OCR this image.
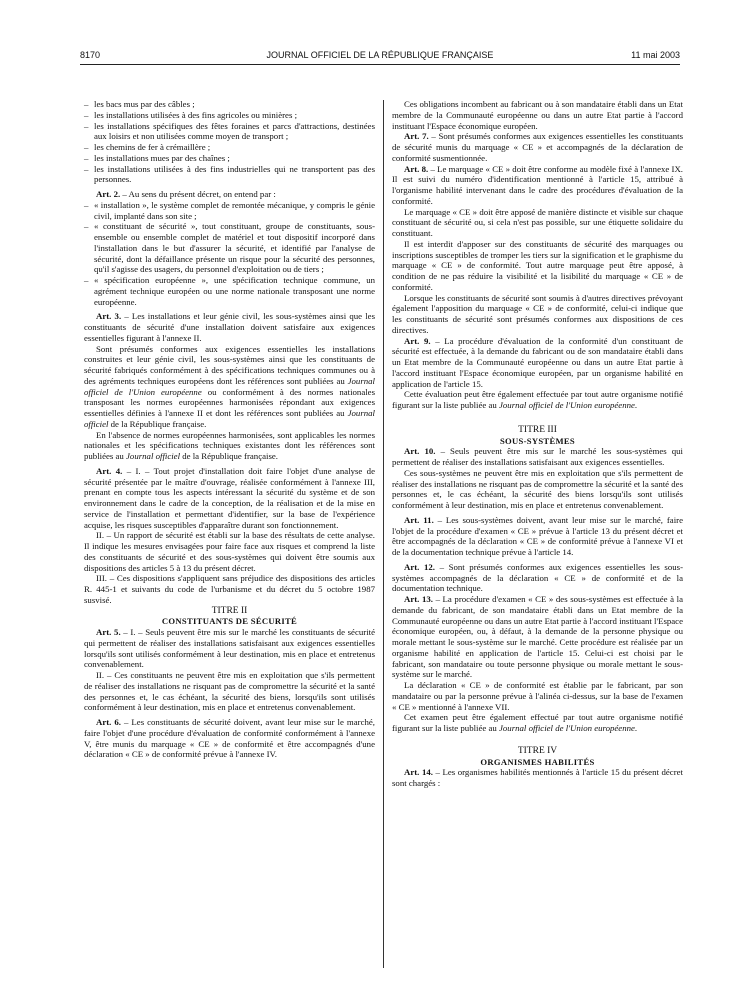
8170	JOURNAL OFFICIEL DE LA RÉPUBLIQUE FRANÇAISE	11 mai 2003

– les bacs mus par des câbles ;

– les installations utilisées à des fins agricoles ou minières ;

– les installations spécifiques des fêtes foraines et parcs d'attractions, destinées aux loisirs et non utilisées comme moyen de transport ;

– les chemins de fer à crémaillère ;

– les installations mues par des chaînes ;

– les installations utilisées à des fins industrielles qui ne transportent pas des personnes.

Art. 2. – Au sens du présent décret, on entend par :

– « installation », le système complet de remontée mécanique, y compris le génie civil, implanté dans son site ;

– « constituant de sécurité », tout constituant, groupe de constituants, sous-ensemble ou ensemble complet de matériel et tout dispositif incorporé dans l'installation dans le but d'assurer la sécurité, et identifié par l'analyse de sécurité, dont la défaillance présente un risque pour la sécurité des personnes, qu'il s'agisse des usagers, du personnel d'exploitation ou de tiers ;

– « spécification européenne », une spécification technique commune, un agrément technique européen ou une norme nationale transposant une norme européenne.

Art. 3. – Les installations et leur génie civil, les sous-systèmes ainsi que les constituants de sécurité d'une installation doivent satisfaire aux exigences essentielles figurant à l'annexe II.

Sont présumés conformes aux exigences essentielles les installations construites et leur génie civil, les sous-systèmes ainsi que les constituants de sécurité fabriqués conformément à des spécifications techniques communes ou à des agréments techniques européens dont les références sont publiées au Journal officiel de l'Union européenne ou conformément à des normes nationales transposant les normes européennes harmonisées répondant aux exigences essentielles définies à l'annexe II et dont les références sont publiées au Journal officiel de la République française.

En l'absence de normes européennes harmonisées, sont applicables les normes nationales et les spécifications techniques existantes dont les références sont publiées au Journal officiel de la République française.

Art. 4. – I. – Tout projet d'installation doit faire l'objet d'une analyse de sécurité présentée par le maître d'ouvrage, réalisée conformément à l'annexe III, prenant en compte tous les aspects intéressant la sécurité du système et de son environnement dans le cadre de la conception, de la réalisation et de la mise en service de l'installation et permettant d'identifier, sur la base de l'expérience acquise, les risques susceptibles d'apparaître durant son fonctionnement.

II. – Un rapport de sécurité est établi sur la base des résultats de cette analyse. Il indique les mesures envisagées pour faire face aux risques et comprend la liste des constituants de sécurité et des sous-systèmes qui doivent être soumis aux dispositions des articles 5 à 13 du présent décret.

III. – Ces dispositions s'appliquent sans préjudice des dispositions des articles R. 445-1 et suivants du code de l'urbanisme et du décret du 5 octobre 1987 susvisé.

TITRE II

CONSTITUANTS DE SÉCURITÉ

Art. 5. – I. – Seuls peuvent être mis sur le marché les constituants de sécurité qui permettent de réaliser des installations satisfaisant aux exigences essentielles lorsqu'ils sont utilisés conformément à leur destination, mis en place et entretenus convenablement.

II. – Ces constituants ne peuvent être mis en exploitation que s'ils permettent de réaliser des installations ne risquant pas de compromettre la sécurité et la santé des personnes et, le cas échéant, la sécurité des biens, lorsqu'ils sont utilisés conformément à leur destination, mis en place et entretenus convenablement.

Art. 6. – Les constituants de sécurité doivent, avant leur mise sur le marché, faire l'objet d'une procédure d'évaluation de conformité conformément à l'annexe V, être munis du marquage « CE » de conformité et être accompagnés d'une déclaration « CE » de conformité prévue à l'annexe IV.

Ces obligations incombent au fabricant ou à son mandataire établi dans un Etat membre de la Communauté européenne ou dans un autre Etat partie à l'accord instituant l'Espace économique européen.

Art. 7. – Sont présumés conformes aux exigences essentielles les constituants de sécurité munis du marquage « CE » et accompagnés de la déclaration de conformité susmentionnée.

Art. 8. – Le marquage « CE » doit être conforme au modèle fixé à l'annexe IX. Il est suivi du numéro d'identification mentionné à l'article 15, attribué à l'organisme habilité intervenant dans le cadre des procédures d'évaluation de la conformité.

Le marquage « CE » doit être apposé de manière distincte et visible sur chaque constituant de sécurité ou, si cela n'est pas possible, sur une étiquette solidaire du constituant.

Il est interdit d'apposer sur des constituants de sécurité des marquages ou inscriptions susceptibles de tromper les tiers sur la signification et le graphisme du marquage « CE » de conformité. Tout autre marquage peut être apposé, à condition de ne pas réduire la visibilité et la lisibilité du marquage « CE » de conformité.

Lorsque les constituants de sécurité sont soumis à d'autres directives prévoyant également l'apposition du marquage « CE » de conformité, celui-ci indique que les constituants de sécurité sont présumés conformes aux dispositions de ces directives.

Art. 9. – La procédure d'évaluation de la conformité d'un constituant de sécurité est effectuée, à la demande du fabricant ou de son mandataire établi dans un Etat membre de la Communauté européenne ou dans un autre Etat partie à l'accord instituant l'Espace économique européen, par un organisme habilité en application de l'article 15.

Cette évaluation peut être également effectuée par tout autre organisme notifié figurant sur la liste publiée au Journal officiel de l'Union européenne.

TITRE III

SOUS-SYSTÈMES

Art. 10. – Seuls peuvent être mis sur le marché les sous-systèmes qui permettent de réaliser des installations satisfaisant aux exigences essentielles.

Ces sous-systèmes ne peuvent être mis en exploitation que s'ils permettent de réaliser des installations ne risquant pas de compromettre la sécurité et la santé des personnes et, le cas échéant, la sécurité des biens lorsqu'ils sont utilisés conformément à leur destination, mis en place et entretenus convenablement.

Art. 11. – Les sous-systèmes doivent, avant leur mise sur le marché, faire l'objet de la procédure d'examen « CE » prévue à l'article 13 du présent décret et être accompagnés de la déclaration « CE » de conformité prévue à l'annexe VI et de la documentation technique prévue à l'article 14.

Art. 12. – Sont présumés conformes aux exigences essentielles les sous-systèmes accompagnés de la déclaration « CE » de conformité et de la documentation technique.

Art. 13. – La procédure d'examen « CE » des sous-systèmes est effectuée à la demande du fabricant, de son mandataire établi dans un Etat membre de la Communauté européenne ou dans un autre Etat partie à l'accord instituant l'Espace économique européen, ou, à défaut, à la demande de la personne physique ou morale mettant le sous-système sur le marché. Cette procédure est réalisée par un organisme habilité en application de l'article 15. Celui-ci est choisi par le fabricant, son mandataire ou toute personne physique ou morale mettant le sous-système sur le marché.

La déclaration « CE » de conformité est établie par le fabricant, par son mandataire ou par la personne prévue à l'alinéa ci-dessus, sur la base de l'examen « CE » mentionné à l'annexe VII.

Cet examen peut être également effectué par tout autre organisme notifié figurant sur la liste publiée au Journal officiel de l'Union européenne.

TITRE IV

ORGANISMES HABILITÉS

Art. 14. – Les organismes habilités mentionnés à l'article 15 du présent décret sont chargés :
